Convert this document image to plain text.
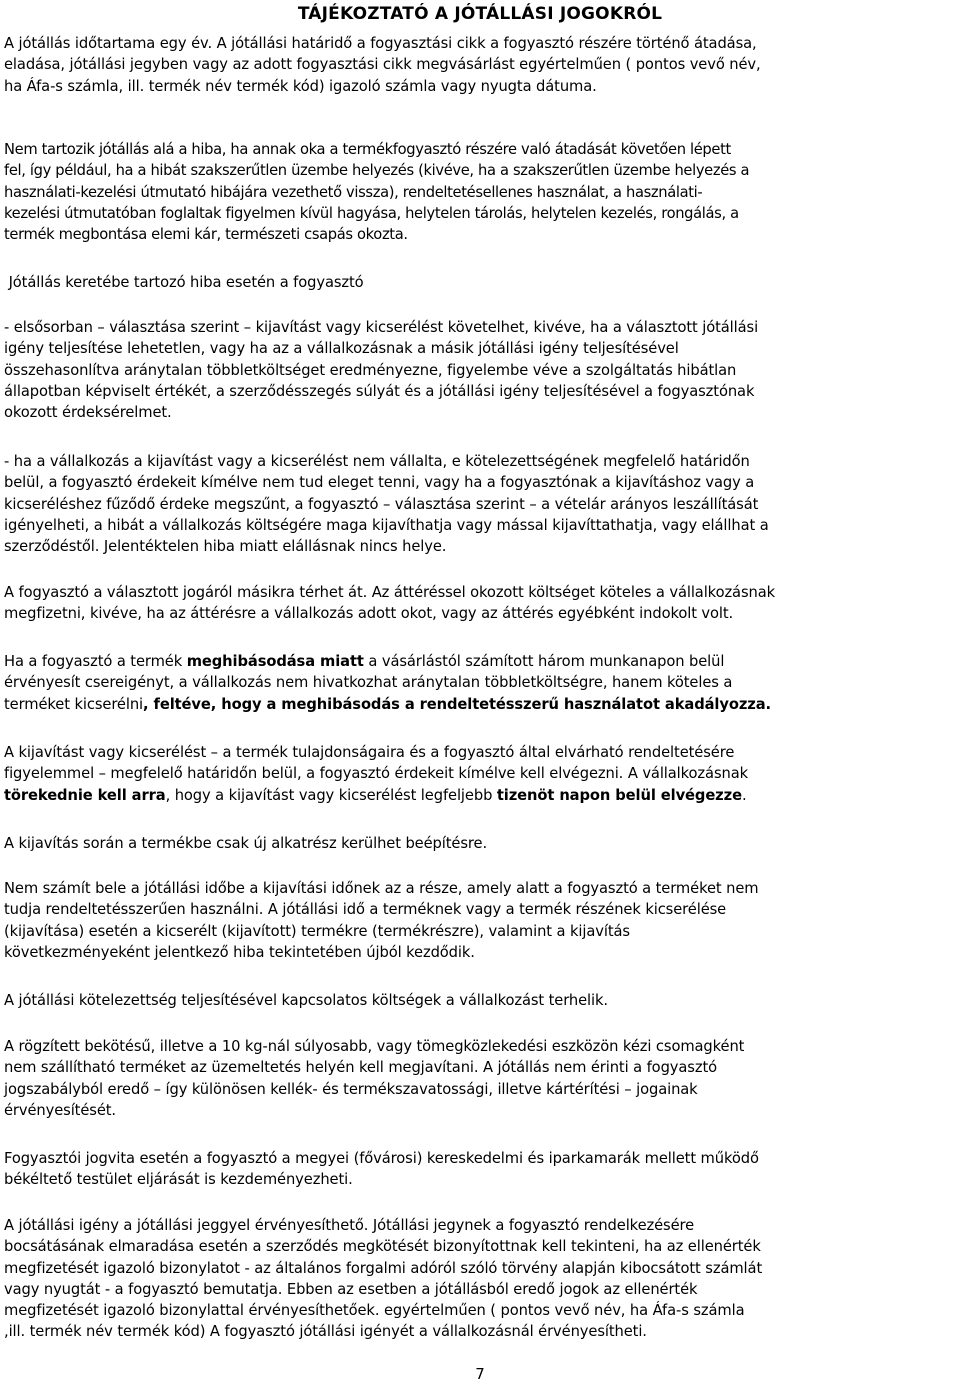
TÁJÉKOZTATÓ A JÓTÁLLÁSI JOGOKRÓL

A jótállás időtartama egy év. A jótállási határidő a fogyasztási cikk a fogyasztó részére történő átadása,
eladása, jótállási jegyben vagy az adott fogyasztási cikk megvásárlást egyértelműen ( pontos vevő név,
ha Áfa-s számla, ill. termék név termék kód) igazoló számla vagy nyugta dátuma.

Nem tartozik jótállás alá a hiba, ha annak oka a termékfogyasztó részére való átadását követően lépett
fel, így például, ha a hibát szakszerűtlen üzembe helyezés (kivéve, ha a szakszerűtlen üzembe helyezés a
használati-kezelési útmutató hibájára vezethető vissza), rendeltetésellenes használat, a használati-
kezelési útmutatóban foglaltak figyelmen kívül hagyása, helytelen tárolás, helytelen kezelés, rongálás, a
termék megbontása elemi kár, természeti csapás okozta.

Jótállás keretébe tartozó hiba esetén a fogyasztó

- elsősorban – választása szerint – kijavítást vagy kicserélést követelhet, kivéve, ha a választott jótállási
igény teljesítése lehetetlen, vagy ha az a vállalkozásnak a másik jótállási igény teljesítésével
összehasonlítva aránytalan többletköltséget eredményezne, figyelembe véve a szolgáltatás hibátlan
állapotban képviselt értékét, a szerződésszegés súlyát és a jótállási igény teljesítésével a fogyasztónak
okozott érdeksérelmet.

- ha a vállalkozás a kijavítást vagy a kicserélést nem vállalta, e kötelezettségének megfelelő határidőn
belül, a fogyasztó érdekeit kímélve nem tud eleget tenni, vagy ha a fogyasztónak a kijavításhoz vagy a
kicseréléshez fűződő érdeke megszűnt, a fogyasztó – választása szerint – a vételár arányos leszállítását
igényelheti, a hibát a vállalkozás költségére maga kijavíthatja vagy mással kijavíttathatja, vagy elállhat a
szerződéstől. Jelentéktelen hiba miatt elállásnak nincs helye.

A fogyasztó a választott jogáról másikra térhet át. Az áttéréssel okozott költséget köteles a vállalkozásnak
megfizetni, kivéve, ha az áttérésre a vállalkozás adott okot, vagy az áttérés egyébként indokolt volt.

Ha a fogyasztó a termék meghibásodása miatt a vásárlástól számított három munkanapon belül
érvényesít csereigényt, a vállalkozás nem hivatkozhat aránytalan többletköltségre, hanem köteles a
terméket kicserélni, feltéve, hogy a meghibásodás a rendeltetésszerű használatot akadályozza.

A kijavítást vagy kicserélést – a termék tulajdonságaira és a fogyasztó által elvárható rendeltetésére
figyelemmel – megfelelő határidőn belül, a fogyasztó érdekeit kímélve kell elvégezni. A vállalkozásnak
törekednie kell arra, hogy a kijavítást vagy kicserélést legfeljebb tizenöt napon belül elvégezze.

A kijavítás során a termékbe csak új alkatrész kerülhet beépítésre.

Nem számít bele a jótállási időbe a kijavítási időnek az a része, amely alatt a fogyasztó a terméket nem
tudja rendeltetésszerűen használni. A jótállási idő a terméknek vagy a termék részének kicserélése
(kijavítása) esetén a kicserélt (kijavított) termékre (termékrészre), valamint a kijavítás
következményeként jelentkező hiba tekintetében újból kezdődik.

A jótállási kötelezettség teljesítésével kapcsolatos költségek a vállalkozást terhelik.

A rögzített bekötésű, illetve a 10 kg-nál súlyosabb, vagy tömegközlekedési eszközön kézi csomagként
nem szállítható terméket az üzemeltetés helyén kell megjavítani. A jótállás nem érinti a fogyasztó
jogszabályból eredő – így különösen kellék- és termékszavatossági, illetve kártérítési – jogainak
érvényesítését.

Fogyasztói jogvita esetén a fogyasztó a megyei (fővárosi) kereskedelmi és iparkamarák mellett működő
békéltető testület eljárását is kezdeményezheti.

A jótállási igény a jótállási jeggyel érvényesíthető. Jótállási jegynek a fogyasztó rendelkezésére
bocsátásának elmaradása esetén a szerződés megkötését bizonyítottnak kell tekinteni, ha az ellenérték
megfizetését igazoló bizonylatot - az általános forgalmi adóról szóló törvény alapján kibocsátott számlát
vagy nyugtát - a fogyasztó bemutatja. Ebben az esetben a jótállásból eredő jogok az ellenérték
megfizetését igazoló bizonylattal érvényesíthetőek. egyértelműen ( pontos vevő név, ha Áfa-s számla
,ill. termék név termék kód) A fogyasztó jótállási igényét a vállalkozásnál érvényesítheti.

7
